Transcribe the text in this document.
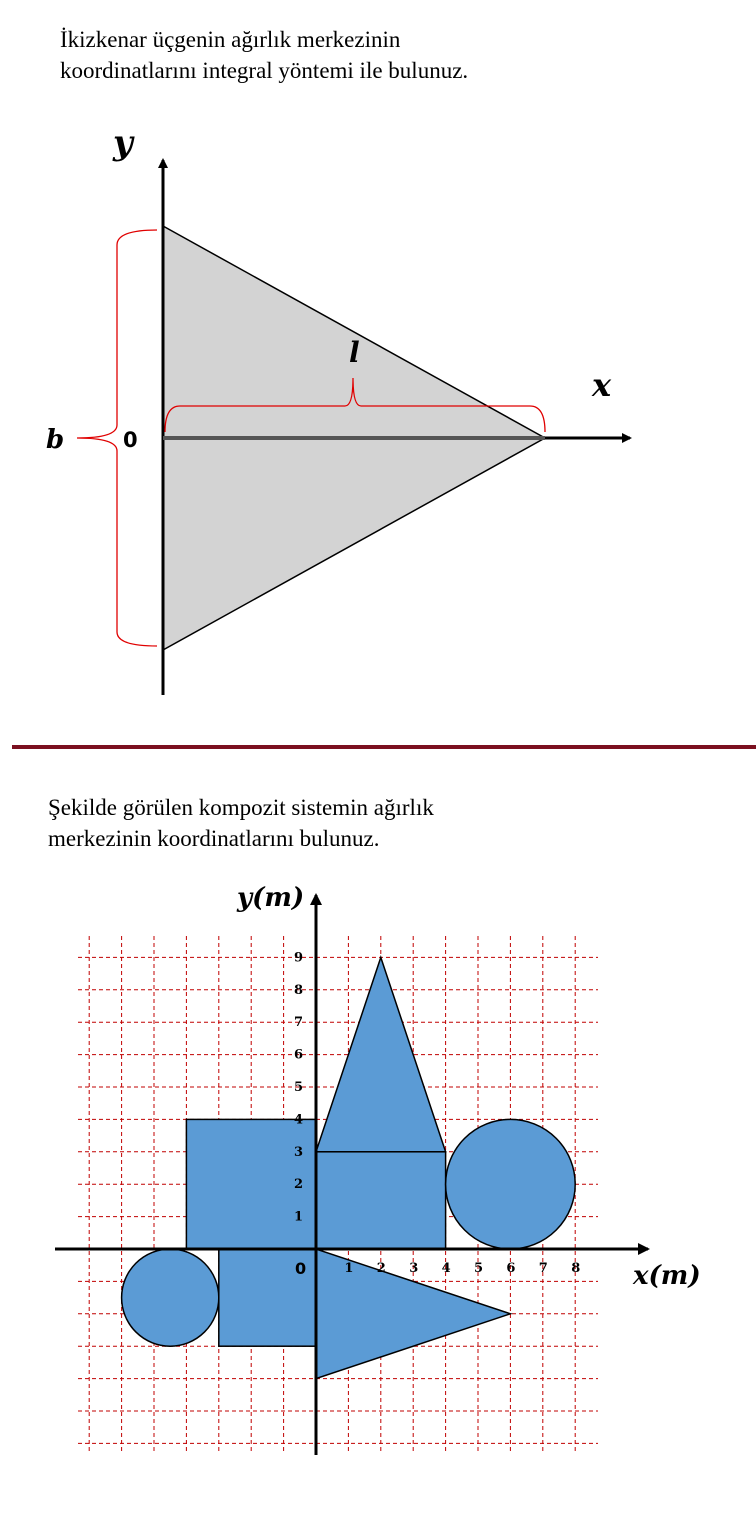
İkizkenar üçgenin ağırlık merkezinin
koordinatlarını integral yöntemi ile bulunuz.

y
x
l
b	0

Şekilde görülen kompozit sistemin ağırlık
merkezinin koordinatlarını bulunuz.

1 2 3 4 5 6 7 8
1
2
3
4
5
6
7
8
9
y(m)
x(m)
0
